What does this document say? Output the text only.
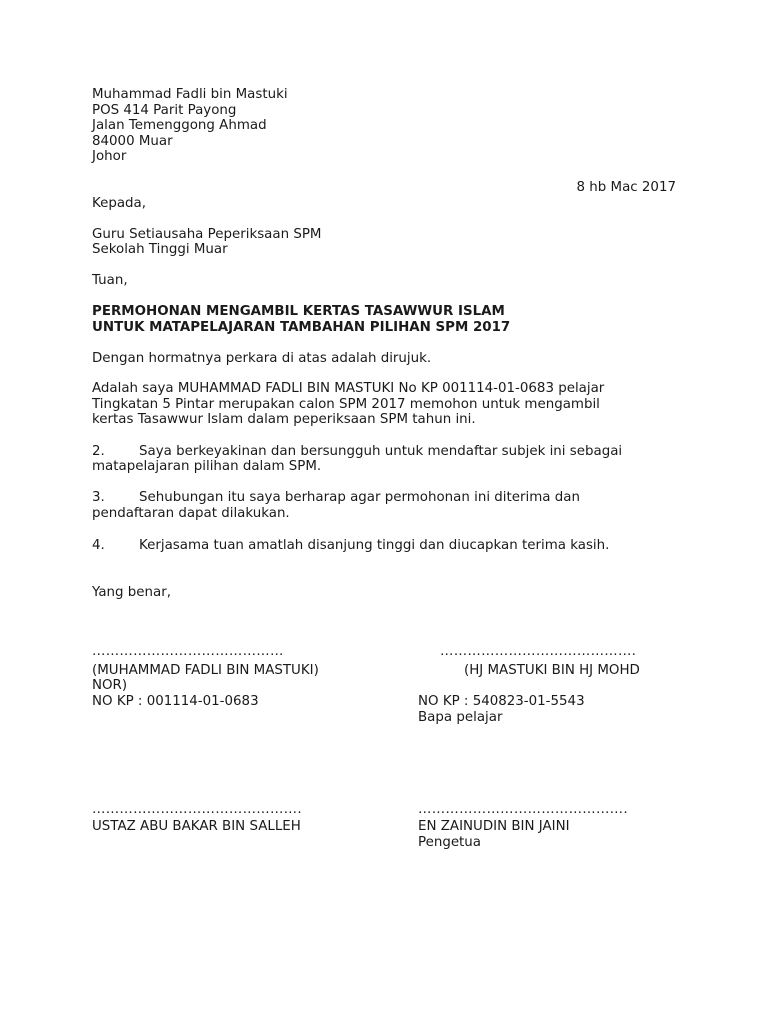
Muhammad Fadli bin Mastuki
POS 414 Parit Payong
Jalan Temenggong Ahmad
84000 Muar
Johor
8 hb Mac 2017
Kepada,
Guru Setiausaha Peperiksaan SPM
Sekolah Tinggi Muar
Tuan,
PERMOHONAN MENGAMBIL KERTAS TASAWWUR ISLAM
UNTUK MATAPELAJARAN TAMBAHAN PILIHAN SPM 2017
Dengan hormatnya perkara di atas adalah dirujuk.
Adalah saya MUHAMMAD FADLI BIN MASTUKI No KP 001114-01-0683 pelajar
Tingkatan 5 Pintar merupakan calon SPM 2017 memohon untuk mengambil
kertas Tasawwur Islam dalam peperiksaan SPM tahun ini.
2.	Saya berkeyakinan dan bersungguh untuk mendaftar subjek ini sebagai
matapelajaran pilihan dalam SPM.
3.	Sehubungan itu saya berharap agar permohonan ini diterima dan
pendaftaran dapat dilakukan.
4.	Kerjasama tuan amatlah disanjung tinggi dan diucapkan terima kasih.
Yang benar,
……………………………………
(MUHAMMAD FADLI BIN MASTUKI)
NOR)
NO KP : 001114-01-0683
…………………………………….
(HJ MASTUKI BIN HJ MOHD
NO KP : 540823-01-5543
Bapa pelajar
……………………………………….
USTAZ ABU BAKAR BIN SALLEH
……………………………………….
EN ZAINUDIN BIN JAINI
Pengetua
